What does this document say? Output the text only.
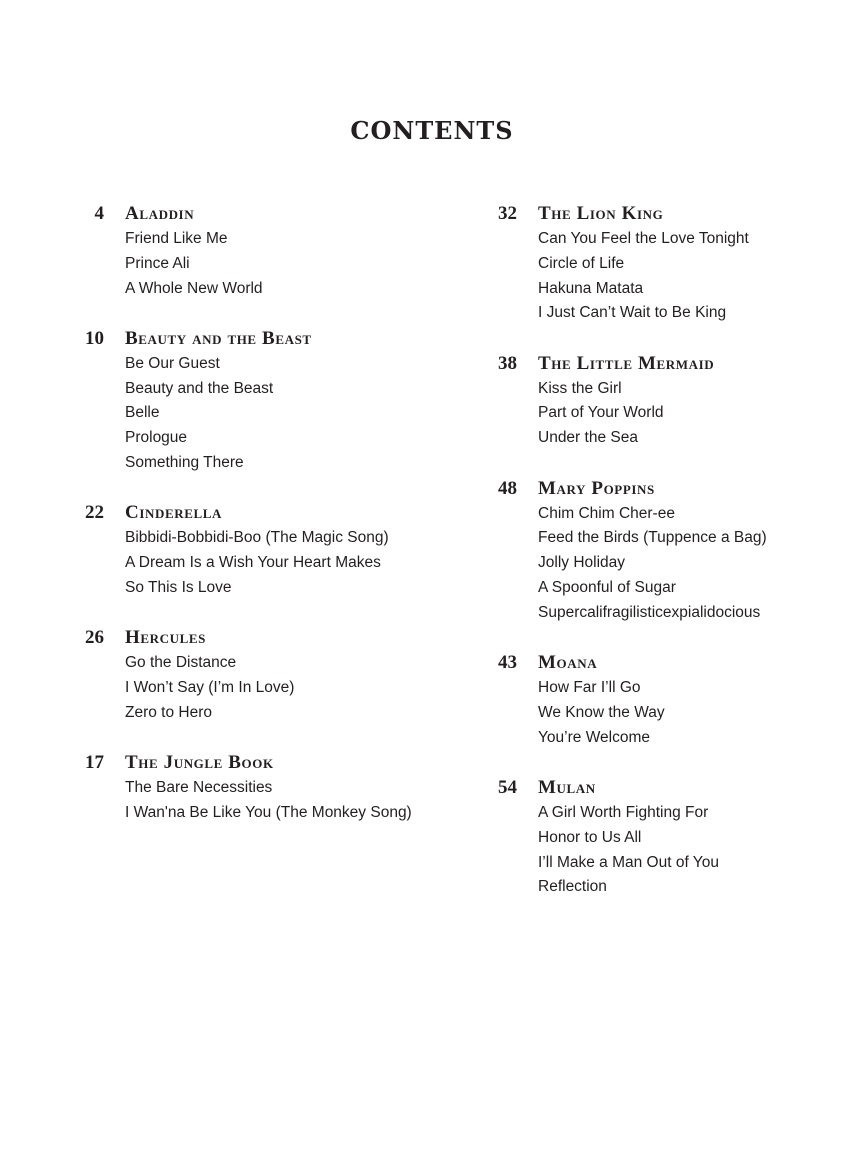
CONTENTS
4	Aladdin
Friend Like Me
Prince Ali
A Whole New World
10	Beauty and the Beast
Be Our Guest
Beauty and the Beast
Belle
Prologue
Something There
22	Cinderella
Bibbidi-Bobbidi-Boo (The Magic Song)
A Dream Is a Wish Your Heart Makes
So This Is Love
26	Hercules
Go the Distance
I Won’t Say (I’m In Love)
Zero to Hero
17	The Jungle Book
The Bare Necessities
I Wan'na Be Like You (The Monkey Song)
32	The Lion King
Can You Feel the Love Tonight
Circle of Life
Hakuna Matata
I Just Can’t Wait to Be King
38	The Little Mermaid
Kiss the Girl
Part of Your World
Under the Sea
48	Mary Poppins
Chim Chim Cher-ee
Feed the Birds (Tuppence a Bag)
Jolly Holiday
A Spoonful of Sugar
Supercalifragilisticexpialidocious
43	Moana
How Far I’ll Go
We Know the Way
You’re Welcome
54	Mulan
A Girl Worth Fighting For
Honor to Us All
I’ll Make a Man Out of You
Reflection
